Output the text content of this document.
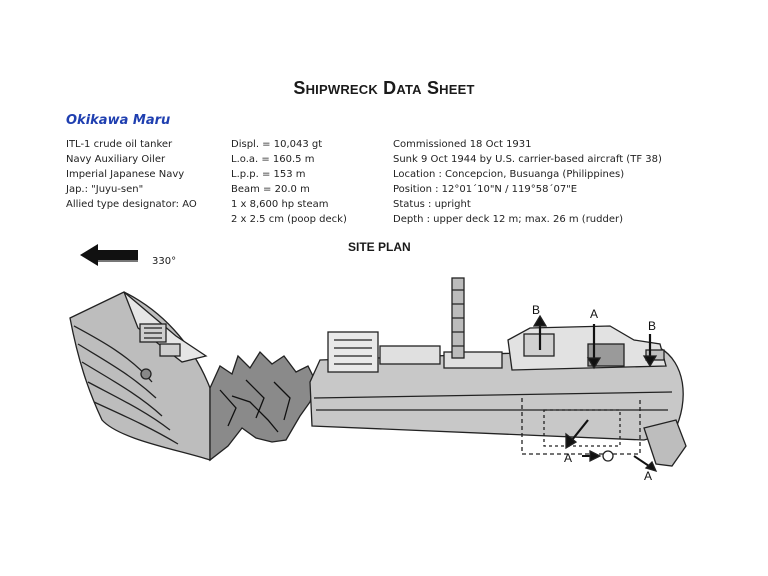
Shipwreck Data Sheet
Okikawa Maru
ITL-1 crude oil tanker
Navy Auxiliary Oiler
Imperial Japanese Navy
Jap.: "Juyu-sen"
Allied type designator: AO
Displ. = 10,043 gt
L.o.a. = 160.5 m
L.p.p. = 153 m
Beam = 20.0 m
1 x 8,600 hp steam
2 x 2.5 cm (poop deck)
Commissioned 18 Oct 1931
Sunk 9 Oct 1944 by U.S. carrier-based aircraft (TF 38)
Location : Concepcion, Busuanga (Philippines)
Position : 12°01´10"N / 119°58´07"E
Status : upright
Depth : upper deck 12 m; max. 26 m (rudder)
SITE PLAN
330°
B	A
B
A
A
